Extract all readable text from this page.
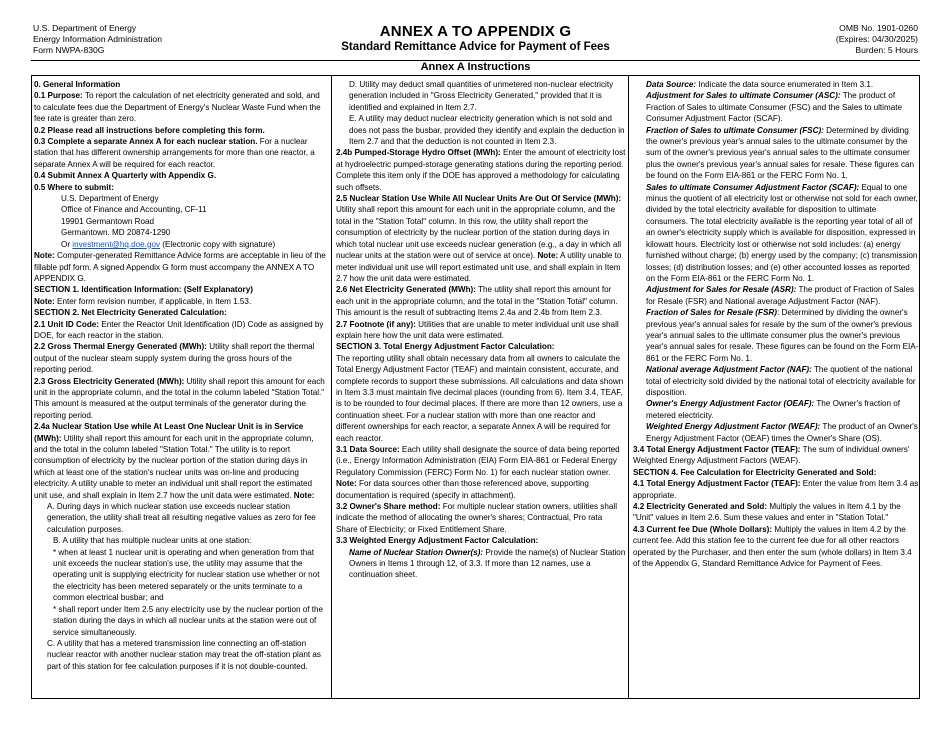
U.S. Department of Energy
Energy Information Administration
Form NWPA-830G
ANNEX A TO APPENDIX G
Standard Remittance Advice for Payment of Fees
OMB No. 1901-0260
(Expires: 04/30/2025)
Burden: 5 Hours
Annex A Instructions

0. General Information

0.1 Purpose: To report the calculation of net electricity generated and sold, and to calculate fees due the Department of Energy's Nuclear Waste Fund when the fee rate is greater than zero.

0.2 Please read all instructions before completing this form.

0.3 Complete a separate Annex A for each nuclear station. For a nuclear station that has different ownership arrangements for more than one reactor, a separate Annex A will be required for each reactor.

0.4 Submit Annex A Quarterly with Appendix G.

0.5 Where to submit:

U.S. Department of Energy

Office of Finance and Accounting, CF-11

19901 Germantown Road

Germantown. MD 20874-1290

Or investment@hq.doe.gov (Electronic copy with signature)

Note: Computer-generated Remittance Advice forms are acceptable in lieu of the fillable pdf form. A signed Appendix G form must accompany the ANNEX A TO APPENDIX G.

SECTION 1. Identification Information: (Self Explanatory)

Note: Enter form revision number, if applicable, in Item 1.53.

SECTION 2. Net Electricity Generated Calculation:

2.1 Unit ID Code: Enter the Reactor Unit Identification (ID) Code as assigned by DOE, for each reactor in the station.

2.2 Gross Thermal Energy Generated (MWh): Utility shall report the thermal output of the nuclear steam supply system during the gross hours of the reporting period.

2.3 Gross Electricity Generated (MWh): Utility shall report this amount for each unit in the appropriate column, and the total in the column labeled "Station Total." This amount is measured at the output terminals of the generator during the reporting period.

2.4a Nuclear Station Use while At Least One Nuclear Unit is in Service (MWh): Utility shall report this amount for each unit in the appropriate column, and the total in the column labeled "Station Total." The utility is to report consumption of electricity by the nuclear portion of the station during days in which at least one of the station's nuclear units was on-line and producing electricity. A utility unable to meter an individual unit shall report the estimated unit use, and shall explain in Item 2.7 how the unit data were estimated. Note:

A. During days in which nuclear station use exceeds nuclear station generation, the utility shall treat all resulting negative values as zero for fee calculation purposes.

B. A utility that has multiple nuclear units at one station:

* when at least 1 nuclear unit is operating and when generation from that unit exceeds the nuclear station's use, the utility may assume that the operating unit is supplying electricity for nuclear station use whether or not the electricity has been metered separately or the units terminate to a common electrical busbar; and

* shall report under Item 2.5 any electricity use by the nuclear portion of the station during the days in which all nuclear units at the station were out of service simultaneously.

C. A utility that has a metered transmission line connecting an off-station nuclear reactor with another nuclear station may treat the off-station plant as part of this station for fee calculation purposes if it is not double-counted.

D. Utility may deduct small quantities of unmetered non-nuclear electricity generation included in "Gross Electricity Generated," provided that it is identified and explained in Item 2.7.

E. A utility may deduct nuclear electricity generation which is not sold and does not pass the busbar, provided they identify and explain the deduction in Item 2.7 and that the deduction is not counted in Item 2.3.

2.4b Pumped-Storage Hydro Offset (MWh): Enter the amount of electricity lost at hydroelectric pumped-storage generating stations during the reporting period. Complete this item only if the DOE has approved a methodology for calculating such offsets.

2.5 Nuclear Station Use While All Nuclear Units Are Out Of Service (MWh): Utility shall report this amount for each unit in the appropriate column, and the total in the "Station Total" column. In this row, the utility shall report the consumption of electricity by the nuclear portion of the station during days in which total nuclear unit use exceeds nuclear generation (e.g., a day in which all nuclear units at the station were out of service at once). Note: A utility unable to meter individual unit use will report estimated unit use, and shall explain in Item 2.7 how the unit data were estimated.

2.6 Net Electricity Generated (MWh): The utility shall report this amount for each unit in the appropriate column, and the total in the "Station Total" column. This amount is the result of subtracting Items 2.4a and 2.4b from Item 2.3.

2.7 Footnote (if any): Utilities that are unable to meter individual unit use shall explain here how the unit data were estimated.

SECTION 3. Total Energy Adjustment Factor Calculation:

The reporting utility shall obtain necessary data from all owners to calculate the Total Energy Adjustment Factor (TEAF) and maintain consistent, accurate, and complete records to support these submissions. All calculations and data shown in Item 3.3 must maintain five decimal places (rounding from 6). Item 3.4, TEAF, is to be rounded to four decimal places. If there are more than 12 owners, use a continuation sheet. For a nuclear station with more than one reactor and different ownerships for each reactor, a separate Annex A will be required for each reactor.

3.1 Data Source: Each utility shall designate the source of data being reported (i.e., Energy Information Administration (EIA) Form EIA-861 or Federal Energy Regulatory Commission (FERC) Form No. 1) for each nuclear station owner. Note: For data sources other than those referenced above, supporting documentation is required (specify in attachment).

3.2 Owner's Share method: For multiple nuclear station owners, utilities shall indicate the method of allocating the owner's shares; Contractual, Pro rata Share of Electricity; or Fixed Entitlement Share.

3.3 Weighted Energy Adjustment Factor Calculation:

Name of Nuclear Station Owner(s): Provide the name(s) of Nuclear Station Owners in Items 1 through 12, of 3.3. If more than 12 names, use a continuation sheet.

Data Source: Indicate the data source enumerated in Item 3.1.

Adjustment for Sales to ultimate Consumer (ASC): The product of Fraction of Sales to ultimate Consumer (FSC) and the Sales to ultimate Consumer Adjustment Factor (SCAF).

Fraction of Sales to ultimate Consumer (FSC): Determined by dividing the owner's previous year's annual sales to the ultimate consumer by the sum of the owner's previous year's annual sales to the ultimate consumer plus the owner's previous year's annual sales for resale. These figures can be found on the Form EIA-861 or the FERC Form No. 1.

Sales to ultimate Consumer Adjustment Factor (SCAF): Equal to one minus the quotient of all electricity lost or otherwise not sold for each owner, divided by the total electricity available for disposition to ultimate consumers. The total electricity available is the reporting year total of all of an owner's electricity supply which is available for disposition, expressed in kilowatt hours. Electricity lost or otherwise not sold includes: (a) energy furnished without charge; (b) energy used by the company; (c) transmission losses; (d) distribution losses; and (e) other accounted losses as reported on the Form EIA-861 or the FERC Form No. 1.

Adjustment for Sales for Resale (ASR): The product of Fraction of Sales for Resale (FSR) and National average Adjustment Factor (NAF).

Fraction of Sales for Resale (FSR): Determined by dividing the owner's previous year's annual sales for resale by the sum of the owner's previous year's annual sales to the ultimate consumer plus the owner's previous year's annual sales for resale. These figures can be found on the Form EIA-861 or the FERC Form No. 1.

National average Adjustment Factor (NAF): The quotient of the national total of electricity sold divided by the national total of electricity available for disposition.

Owner's Energy Adjustment Factor (OEAF): The Owner's fraction of metered electricity.

Weighted Energy Adjustment Factor (WEAF): The product of an Owner's Energy Adjustment Factor (OEAF) times the Owner's Share (OS).

3.4 Total Energy Adjustment Factor (TEAF): The sum of individual owners' Weighted Energy Adjustment Factors (WEAF).

SECTION 4. Fee Calculation for Electricity Generated and Sold:

4.1 Total Energy Adjustment Factor (TEAF): Enter the value from Item 3.4 as appropriate.

4.2 Electricity Generated and Sold: Multiply the values in Item 4.1 by the "Unit" values in Item 2.6. Sum these values and enter in "Station Total."

4.3 Current fee Due (Whole Dollars): Multiply the values in Item 4.2 by the current fee. Add this station fee to the current fee due for all other reactors operated by the Purchaser, and then enter the sum (whole dollars) in Item 3.4 of the Appendix G, Standard Remittance Advice for Payment of Fees.
